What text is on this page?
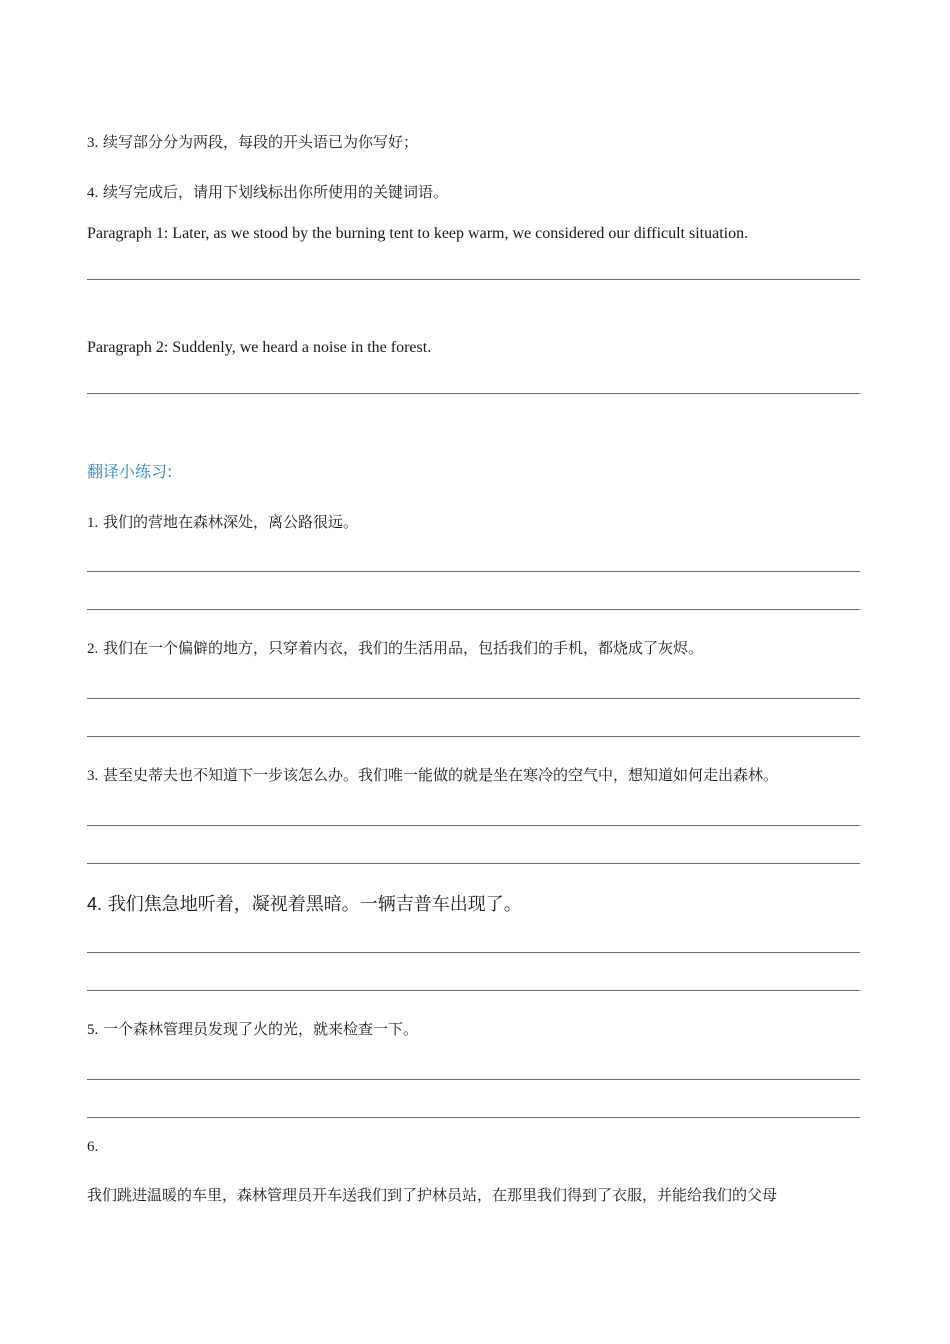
3. 续写部分分为两段，每段的开头语已为你写好；
4. 续写完成后，请用下划线标出你所使用的关键词语。
Paragraph 1: Later, as we stood by the burning tent to keep warm, we considered our difficult situation.
Paragraph 2: Suddenly, we heard a noise in the forest.
翻译小练习:
1. 我们的营地在森林深处，离公路很远。
2. 我们在一个偏僻的地方，只穿着内衣，我们的生活用品，包括我们的手机，都烧成了灰烬。
3. 甚至史蒂夫也不知道下一步该怎么办。我们唯一能做的就是坐在寒冷的空气中，想知道如何走出森林。
4. 我们焦急地听着，凝视着黑暗。一辆吉普车出现了。
5. 一个森林管理员发现了火的光，就来检查一下。
6.
我们跳进温暖的车里，森林管理员开车送我们到了护林员站，在那里我们得到了衣服，并能给我们的父母
